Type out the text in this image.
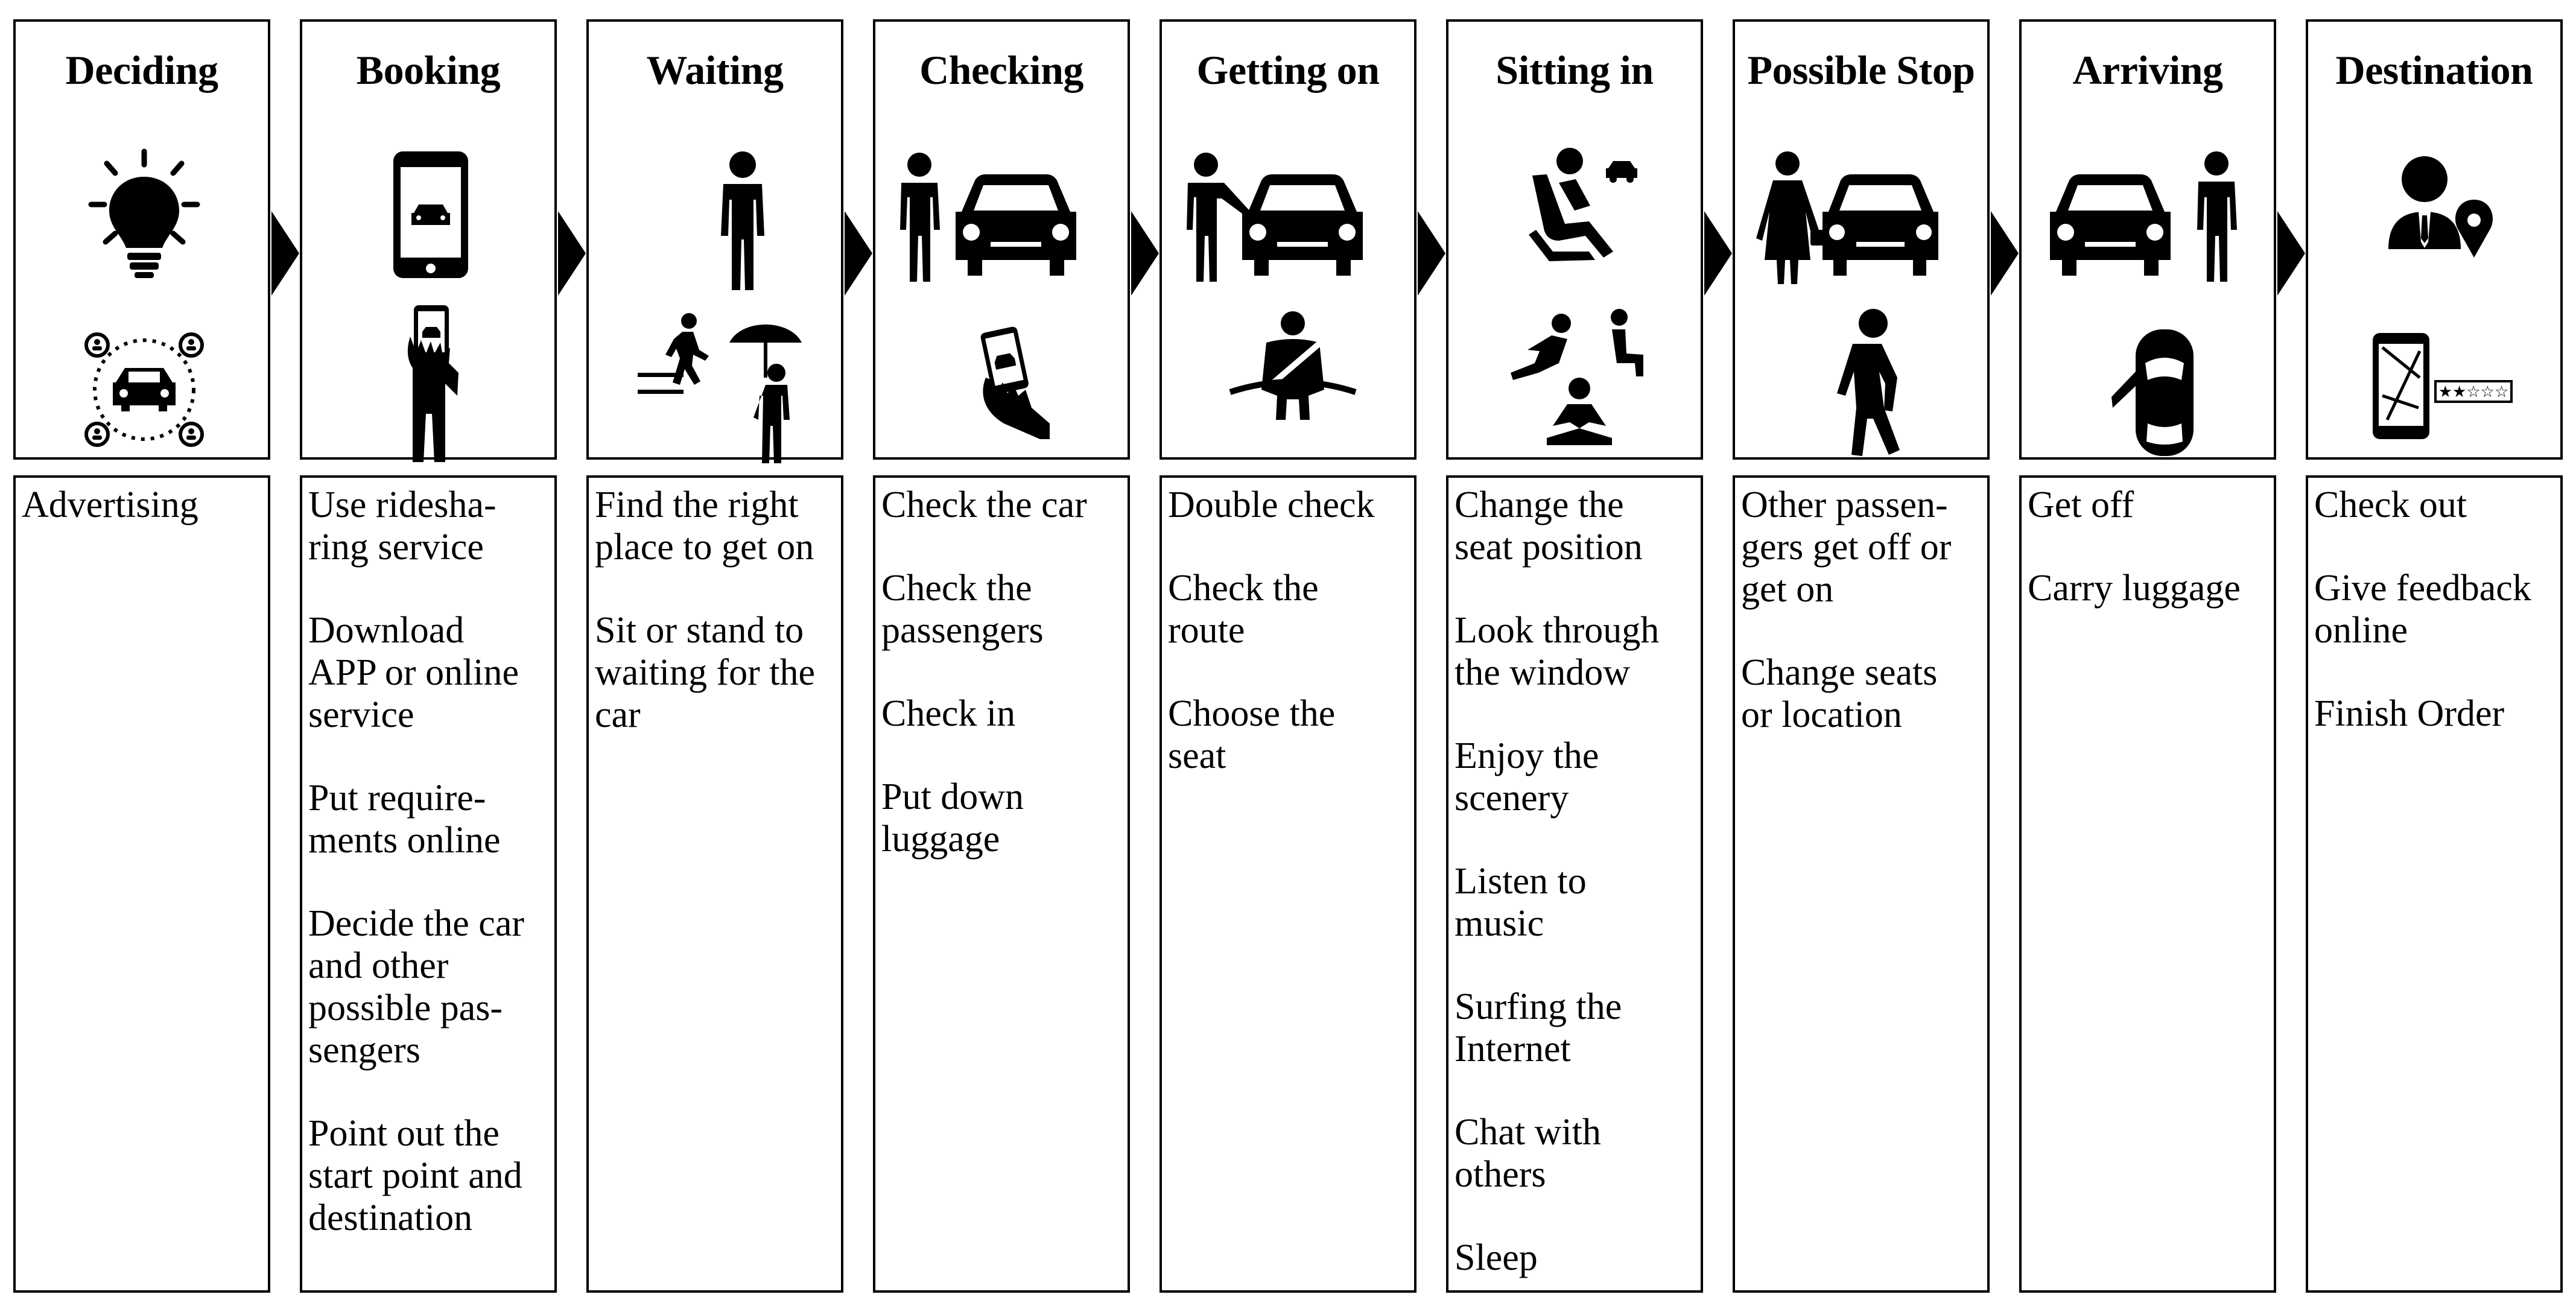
Deciding
Advertising
Booking
Use ridesha-
ring service
Download
APP or online
service
Put require-
ments online
Decide the car
and other
possible pas-
sengers
Point out the
start point and
destination
Waiting
Find the right
place to get on
Sit or stand to
waiting for the
car
Checking
Check the car
Check the
passengers
Check in
Put down
luggage
Getting on
Double check
Check the
route
Choose the
seat
Sitting in
Change the
seat position
Look through
the window
Enjoy the
scenery
Listen to
music
Surfing the
Internet
Chat with
others
Sleep
Possible Stop
Other passen-
gers get off or
get on
Change seats
or location
Arriving
Get off
Carry luggage
Destination
★★☆☆☆
Check out
Give feedback
online
Finish Order
